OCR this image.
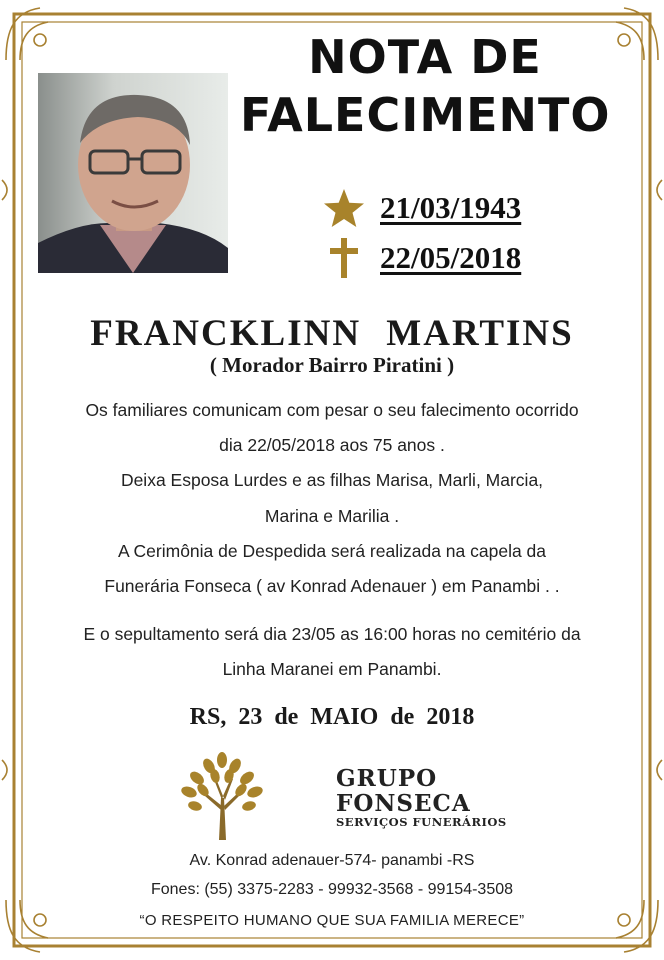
NOTA DE
FALECIMENTO
21/03/1943
22/05/2018
FRANCKLINN MARTINS
( Morador Bairro Piratini )
Os familiares comunicam com pesar o seu falecimento ocorrido
dia 22/05/2018 aos 75 anos .
Deixa Esposa Lurdes e as filhas Marisa, Marli, Marcia,
Marina e Marilia .
A Cerimônia de Despedida será realizada na capela da
Funerária Fonseca ( av Konrad Adenauer ) em Panambi . .
E o sepultamento será dia 23/05 as 16:00 horas no cemitério da
Linha Maranei em Panambi.
RS, 23 de MAIO de 2018
GRUPO
FONSECA
SERVIÇOS FUNERÁRIOS
Av. Konrad adenauer-574- panambi -RS
Fones: (55) 3375-2283 - 99932-3568 - 99154-3508
“O RESPEITO HUMANO QUE SUA FAMILIA MERECE”
